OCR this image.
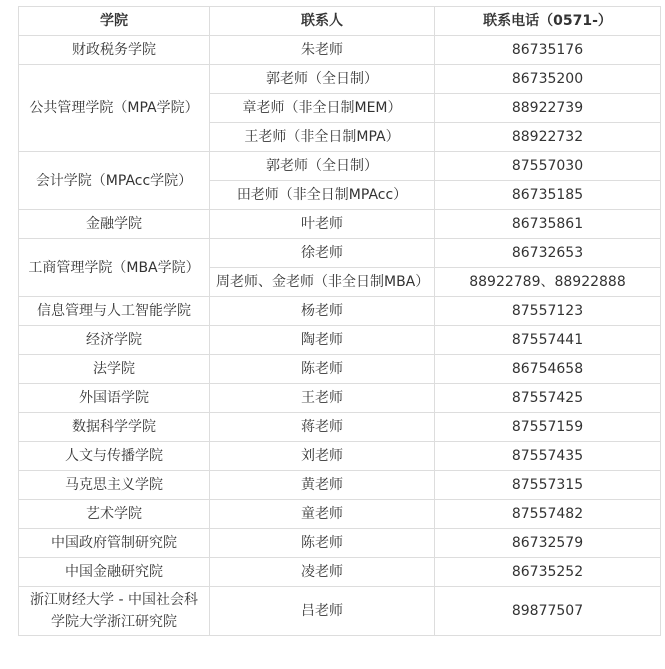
学院	联系人	联系电话（0571-）
财政税务学院	朱老师	86735176
公共管理学院（MPA学院）	郭老师（全日制）	86735200
	章老师（非全日制MEM）	88922739
	王老师（非全日制MPA）	88922732
会计学院（MPAcc学院）	郭老师（全日制）	87557030
	田老师（非全日制MPAcc）	86735185
金融学院	叶老师	86735861
工商管理学院（MBA学院）	徐老师	86732653
	周老师、金老师（非全日制MBA）	88922789、88922888
信息管理与人工智能学院	杨老师	87557123
经济学院	陶老师	87557441
法学院	陈老师	86754658
外国语学院	王老师	87557425
数据科学学院	蒋老师	87557159
人文与传播学院	刘老师	87557435
马克思主义学院	黄老师	87557315
艺术学院	童老师	87557482
中国政府管制研究院	陈老师	86732579
中国金融研究院	凌老师	86735252
浙江财经大学 - 中国社会科学院大学浙江研究院	吕老师	89877507
